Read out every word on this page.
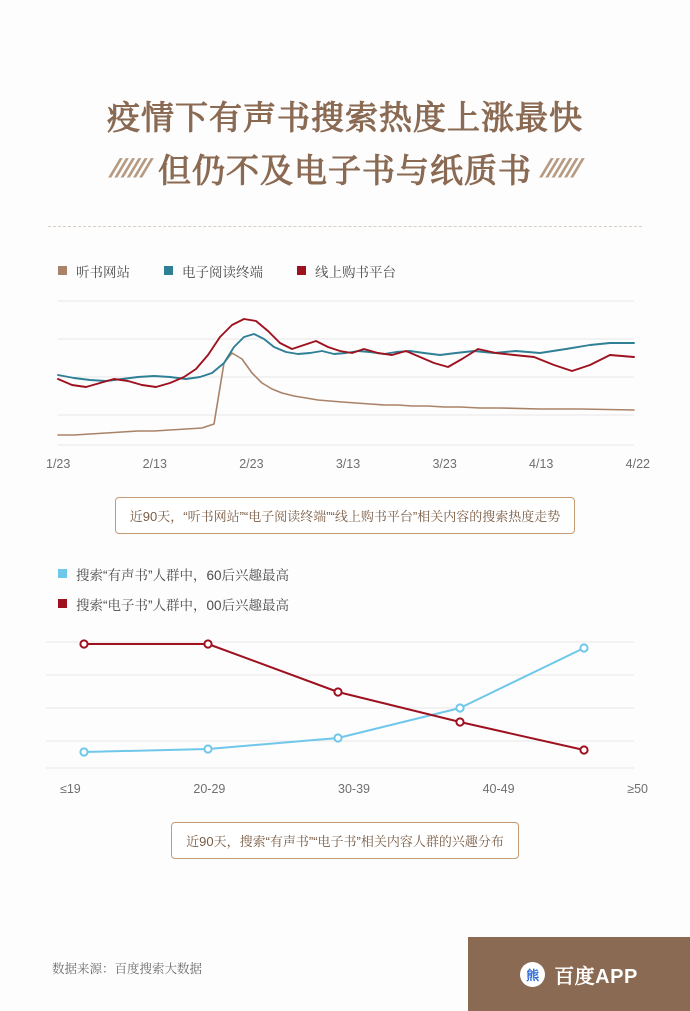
疫情下有声书搜索热度上涨最快
////// 但仍不及电子书与纸质书 //////
听书网站	电子阅读终端	线上购书平台
1/23	2/13	2/23	3/13	3/23	4/13	4/22
近90天，“听书网站”“电子阅读终端”“线上购书平台”相关内容的搜索热度走势
搜索“有声书”人群中，60后兴趣最高
搜索“电子书”人群中，00后兴趣最高
≤19	20-29	30-39	40-49	≥50
近90天，搜索“有声书”“电子书”相关内容人群的兴趣分布
数据来源：百度搜索大数据	熊 百度APP
